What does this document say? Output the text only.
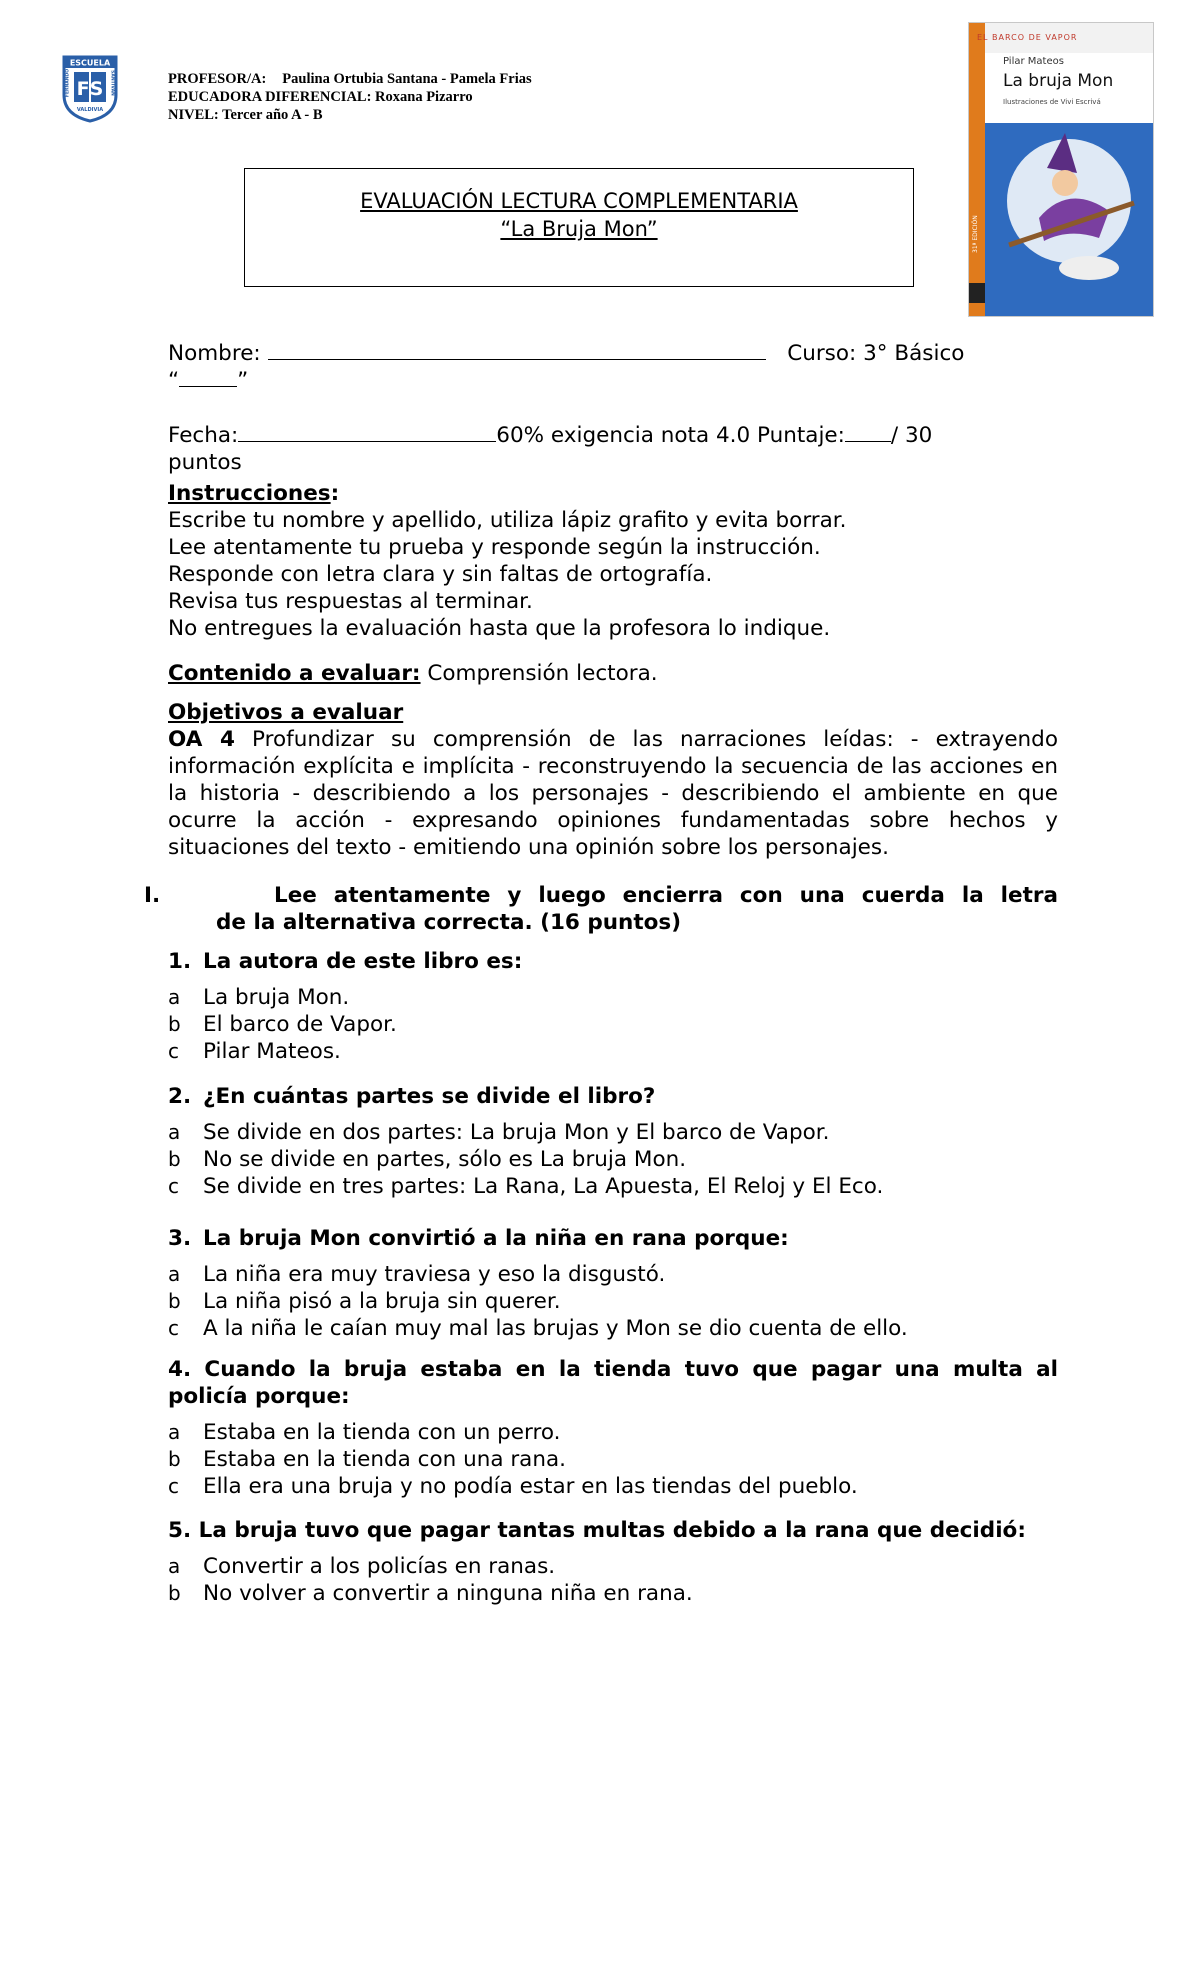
ESCUELA
FS
FERNANDO	SANTIVÁN
VALDIVIA
PROFESOR/A: Paulina Ortubia Santana - Pamela Frias
EDUCADORA DIFERENCIAL: Roxana Pizarro
NIVEL: Tercer año A - B
EL BARCO DE VAPOR
Pilar Mateos
La bruja Mon
Ilustraciones de Vivi Escrivá
31ª EDICIÓN
EVALUACIÓN LECTURA COMPLEMENTARIA
“La Bruja Mon”
Nombre:	Curso: 3° Básico
“	”
Fecha:	60% exigencia nota 4.0 Puntaje: / 30
puntos
Instrucciones:
Escribe tu nombre y apellido, utiliza lápiz grafito y evita borrar.
Lee atentamente tu prueba y responde según la instrucción.
Responde con letra clara y sin faltas de ortografía.
Revisa tus respuestas al terminar.
No entregues la evaluación hasta que la profesora lo indique.
Contenido a evaluar: Comprensión lectora.
Objetivos a evaluar
OA 4 Profundizar su comprensión de las narraciones leídas: - extrayendo información explícita e implícita - reconstruyendo la secuencia de las acciones en la historia - describiendo a los personajes - describiendo el ambiente en que ocurre la acción - expresando opiniones fundamentadas sobre hechos y situaciones del texto - emitiendo una opinión sobre los personajes.
I.	Lee atentamente y luego encierra con una cuerda la letra
de la alternativa correcta. (16 puntos)
1. La autora de este libro es:
a	La bruja Mon.
b	El barco de Vapor.
c	Pilar Mateos.
2. ¿En cuántas partes se divide el libro?
a	Se divide en dos partes: La bruja Mon y El barco de Vapor.
b	No se divide en partes, sólo es La bruja Mon.
c	Se divide en tres partes: La Rana, La Apuesta, El Reloj y El Eco.
3. La bruja Mon convirtió a la niña en rana porque:
a	La niña era muy traviesa y eso la disgustó.
b	La niña pisó a la bruja sin querer.
c	A la niña le caían muy mal las brujas y Mon se dio cuenta de ello.
4. Cuando la bruja estaba en la tienda tuvo que pagar una multa al policía porque:
a	Estaba en la tienda con un perro.
b	Estaba en la tienda con una rana.
c	Ella era una bruja y no podía estar en las tiendas del pueblo.
5. La bruja tuvo que pagar tantas multas debido a la rana que decidió:
a	Convertir a los policías en ranas.
b	No volver a convertir a ninguna niña en rana.
